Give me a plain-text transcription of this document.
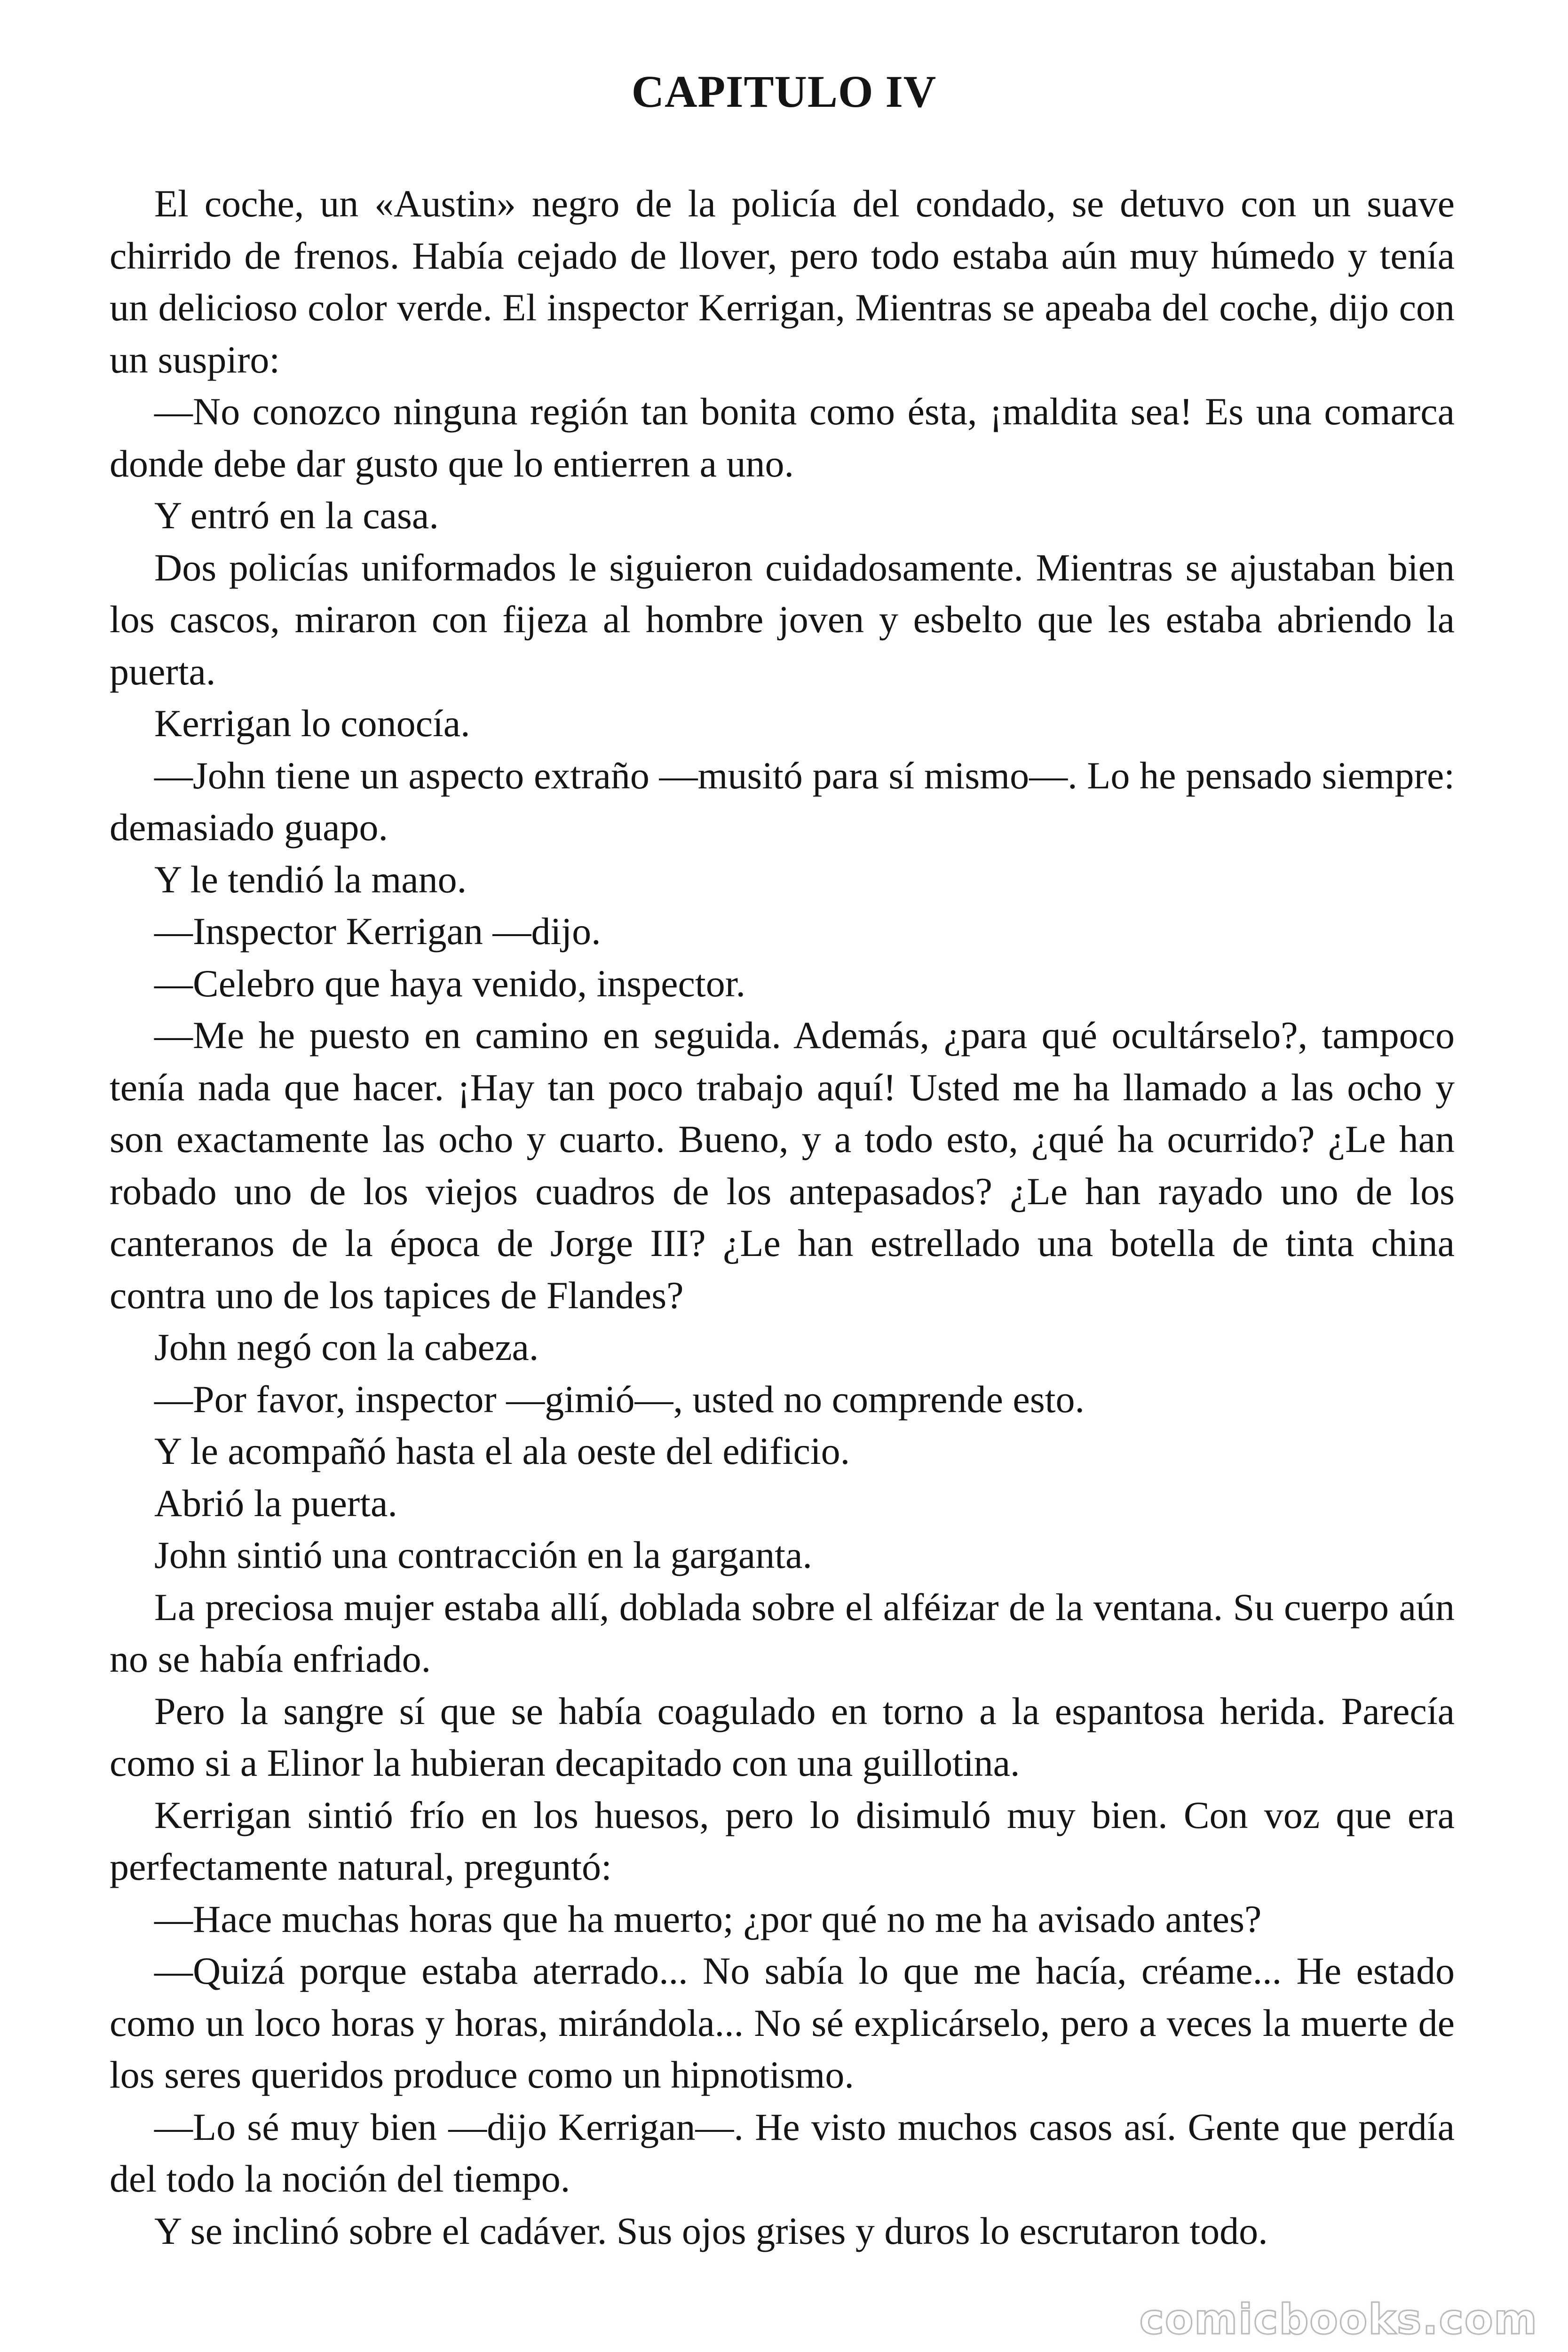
CAPITULO IV

El coche, un «Austin» negro de la policía del condado, se detuvo con un suave chirrido de frenos. Había cejado de llover, pero todo estaba aún muy húmedo y tenía un delicioso color verde. El inspector Kerrigan, Mientras se apeaba del coche, dijo con un suspiro:

—No conozco ninguna región tan bonita como ésta, ¡maldita sea! Es una comarca donde debe dar gusto que lo entierren a uno.

Y entró en la casa.

Dos policías uniformados le siguieron cuidadosamente. Mientras se ajustaban bien los cascos, miraron con fijeza al hombre joven y esbelto que les estaba abriendo la puerta.

Kerrigan lo conocía.

—John tiene un aspecto extraño —musitó para sí mismo—. Lo he pensado siempre: demasiado guapo.

Y le tendió la mano.

—Inspector Kerrigan —dijo.

—Celebro que haya venido, inspector.

—Me he puesto en camino en seguida. Además, ¿para qué ocultárselo?, tampoco tenía nada que hacer. ¡Hay tan poco trabajo aquí! Usted me ha llamado a las ocho y son exactamente las ocho y cuarto. Bueno, y a todo esto, ¿qué ha ocurrido? ¿Le han robado uno de los viejos cuadros de los antepasados? ¿Le han rayado uno de los canteranos de la época de Jorge III? ¿Le han estrellado una botella de tinta china contra uno de los tapices de Flandes?

John negó con la cabeza.

—Por favor, inspector —gimió—, usted no comprende esto.

Y le acompañó hasta el ala oeste del edificio.

Abrió la puerta.

John sintió una contracción en la garganta.

La preciosa mujer estaba allí, doblada sobre el alféizar de la ventana. Su cuerpo aún no se había enfriado.

Pero la sangre sí que se había coagulado en torno a la espantosa herida. Parecía como si a Elinor la hubieran decapitado con una guillotina.

Kerrigan sintió frío en los huesos, pero lo disimuló muy bien. Con voz que era perfectamente natural, preguntó:

—Hace muchas horas que ha muerto; ¿por qué no me ha avisado antes?

—Quizá porque estaba aterrado... No sabía lo que me hacía, créame... He estado como un loco horas y horas, mirándola... No sé explicárselo, pero a veces la muerte de los seres queridos produce como un hipnotismo.

—Lo sé muy bien —dijo Kerrigan—. He visto muchos casos así. Gente que perdía del todo la noción del tiempo.

Y se inclinó sobre el cadáver. Sus ojos grises y duros lo escrutaron todo.

comicbooks.com
